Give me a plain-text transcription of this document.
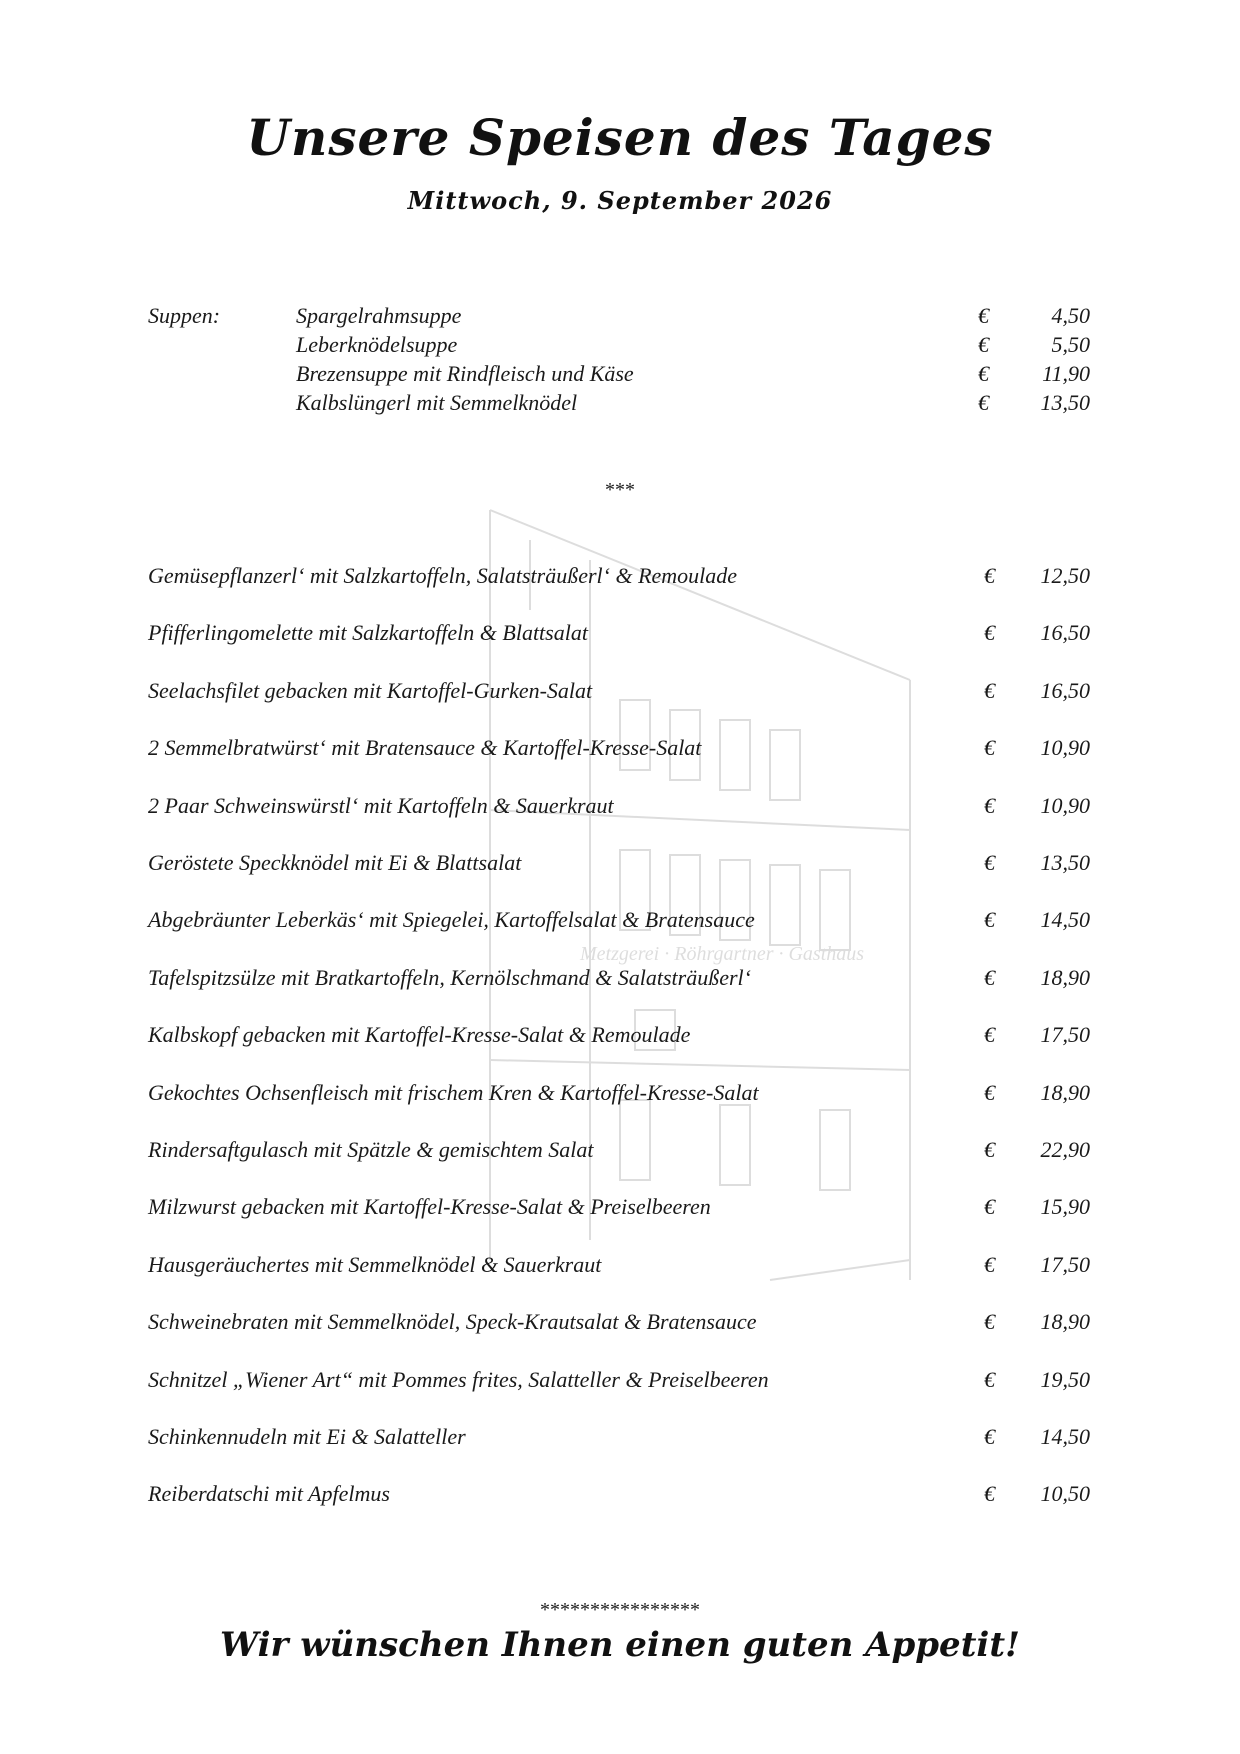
Metzgerei · Röhrgartner · Gasthaus
Unsere Speisen des Tages
Mittwoch, 9. September 2026
Suppen:	Spargelrahmsuppe	€	4,50
Leberknödelsuppe	€	5,50
Brezensuppe mit Rindfleisch und Käse	€ 11,90
Kalbslüngerl mit Semmelknödel	€ 13,50
***
Gemüsepflanzerl‘ mit Salzkartoffeln, Salatsträußerl‘ & Remoulade	€ 12,50
Pfifferlingomelette mit Salzkartoffeln & Blattsalat	€ 16,50
Seelachsfilet gebacken mit Kartoffel-Gurken-Salat	€ 16,50
2 Semmelbratwürst‘ mit Bratensauce & Kartoffel-Kresse-Salat	€ 10,90
2 Paar Schweinswürstl‘ mit Kartoffeln & Sauerkraut	€ 10,90
Geröstete Speckknödel mit Ei & Blattsalat	€ 13,50
Abgebräunter Leberkäs‘ mit Spiegelei, Kartoffelsalat & Bratensauce	€ 14,50
Tafelspitzsülze mit Bratkartoffeln, Kernölschmand & Salatsträußerl‘	€ 18,90
Kalbskopf gebacken mit Kartoffel-Kresse-Salat & Remoulade	€ 17,50
Gekochtes Ochsenfleisch mit frischem Kren & Kartoffel-Kresse-Salat	€ 18,90
Rindersaftgulasch mit Spätzle & gemischtem Salat	€ 22,90
Milzwurst gebacken mit Kartoffel-Kresse-Salat & Preiselbeeren	€ 15,90
Hausgeräuchertes mit Semmelknödel & Sauerkraut	€ 17,50
Schweinebraten mit Semmelknödel, Speck-Krautsalat & Bratensauce	€ 18,90
Schnitzel „Wiener Art“ mit Pommes frites, Salatteller & Preiselbeeren	€ 19,50
Schinkennudeln mit Ei & Salatteller	€ 14,50
Reiberdatschi mit Apfelmus	€ 10,50
****************
Wir wünschen Ihnen einen guten Appetit!
